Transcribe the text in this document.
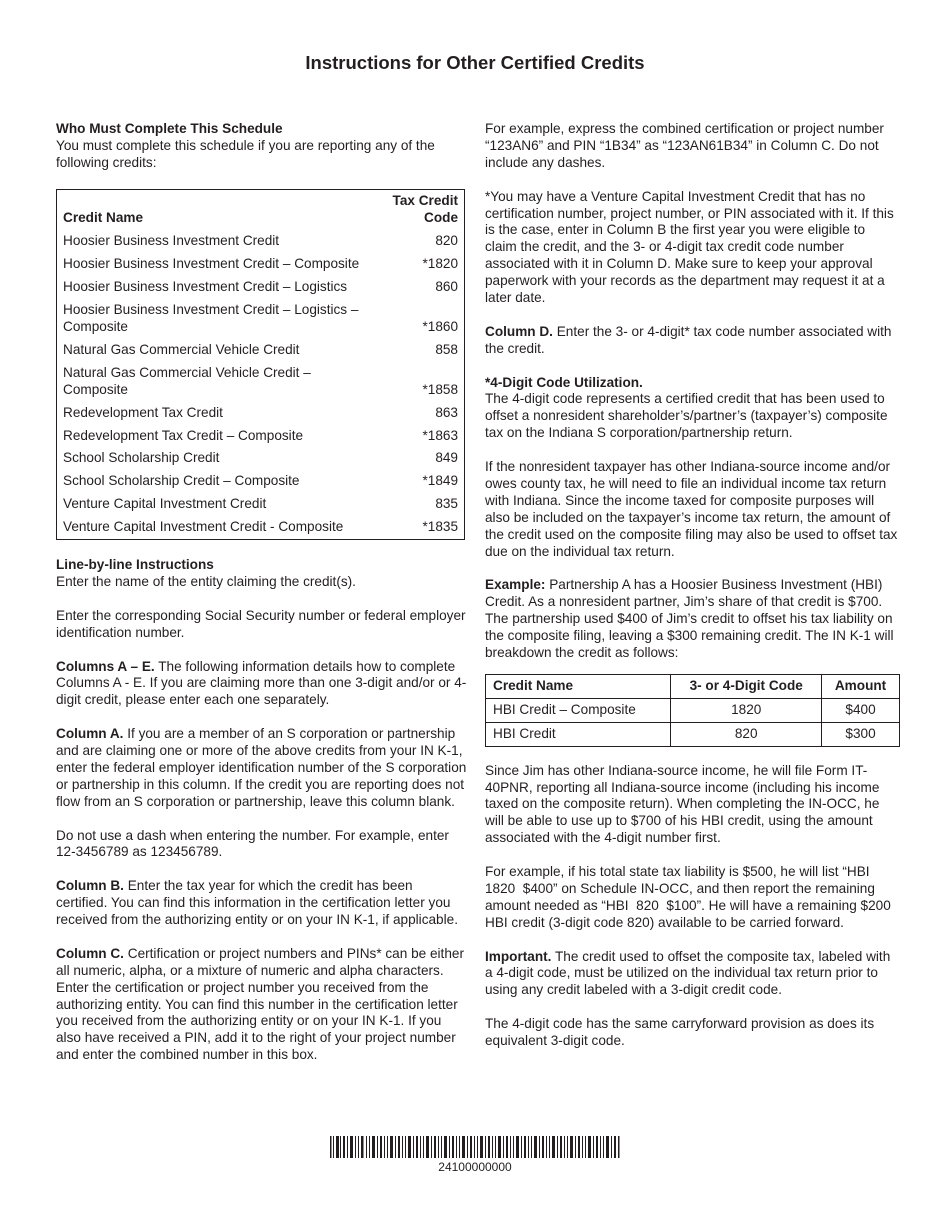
Instructions for Other Certified Credits
Who Must Complete This Schedule

You must complete this schedule if you are reporting any of the following credits:

Credit Name	Tax Credit
Code
Hoosier Business Investment Credit	820
Hoosier Business Investment Credit – Composite	*1820
Hoosier Business Investment Credit – Logistics	860
Hoosier Business Investment Credit – Logistics – Composite	*1860
Natural Gas Commercial Vehicle Credit	858
Natural Gas Commercial Vehicle Credit – Composite	*1858
Redevelopment Tax Credit	863
Redevelopment Tax Credit – Composite	*1863
School Scholarship Credit	849
School Scholarship Credit – Composite	*1849
Venture Capital Investment Credit	835
Venture Capital Investment Credit - Composite	*1835
Line-by-line Instructions

Enter the name of the entity claiming the credit(s).

Enter the corresponding Social Security number or federal employer identification number.

Columns A – E. The following information details how to complete Columns A - E. If you are claiming more than one 3-digit and/or or 4-digit credit, please enter each one separately.

Column A. If you are a member of an S corporation or partnership and are claiming one or more of the above credits from your IN K-1, enter the federal employer identification number of the S corporation or partnership in this column. If the credit you are reporting does not flow from an S corporation or partnership, leave this column blank.

Do not use a dash when entering the number. For example, enter 12-3456789 as 123456789.

Column B. Enter the tax year for which the credit has been certified. You can find this information in the certification letter you received from the authorizing entity or on your IN K-1, if applicable.

Column C. Certification or project numbers and PINs* can be either all numeric, alpha, or a mixture of numeric and alpha characters. Enter the certification or project number you received from the authorizing entity. You can find this number in the certification letter you received from the authorizing entity or on your IN K-1. If you also have received a PIN, add it to the right of your project number and enter the combined number in this box.

For example, express the combined certification or project number “123AN6” and PIN “1B34” as “123AN61B34” in Column C. Do not include any dashes.

*You may have a Venture Capital Investment Credit that has no certification number, project number, or PIN associated with it. If this is the case, enter in Column B the first year you were eligible to claim the credit, and the 3- or 4-digit tax credit code number associated with it in Column D. Make sure to keep your approval paperwork with your records as the department may request it at a later date.

Column D. Enter the 3- or 4-digit* tax code number associated with the credit.

*4-Digit Code Utilization.

The 4-digit code represents a certified credit that has been used to offset a nonresident shareholder’s/partner’s (taxpayer’s) composite tax on the Indiana S corporation/partnership return.

If the nonresident taxpayer has other Indiana-source income and/or owes county tax, he will need to file an individual income tax return with Indiana. Since the income taxed for composite purposes will also be included on the taxpayer’s income tax return, the amount of the credit used on the composite filing may also be used to offset tax due on the individual tax return.

Example: Partnership A has a Hoosier Business Investment (HBI) Credit. As a nonresident partner, Jim’s share of that credit is $700. The partnership used $400 of Jim’s credit to offset his tax liability on the composite filing, leaving a $300 remaining credit. The IN K-1 will breakdown the credit as follows:

Credit Name	3- or 4-Digit Code	Amount
HBI Credit – Composite	1820	$400
HBI Credit	820	$300

Since Jim has other Indiana-source income, he will file Form IT-40PNR, reporting all Indiana-source income (including his income taxed on the composite return). When completing the IN-OCC, he will be able to use up to $700 of his HBI credit, using the amount associated with the 4-digit number first.

For example, if his total state tax liability is $500, he will list “HBI 1820  $400” on Schedule IN-OCC, and then report the remaining amount needed as “HBI  820  $100”. He will have a remaining $200 HBI credit (3-digit code 820) available to be carried forward.

Important. The credit used to offset the composite tax, labeled with a 4-digit code, must be utilized on the individual tax return prior to using any credit labeled with a 3-digit credit code.

The 4-digit code has the same carryforward provision as does its equivalent 3-digit code.

24100000000
